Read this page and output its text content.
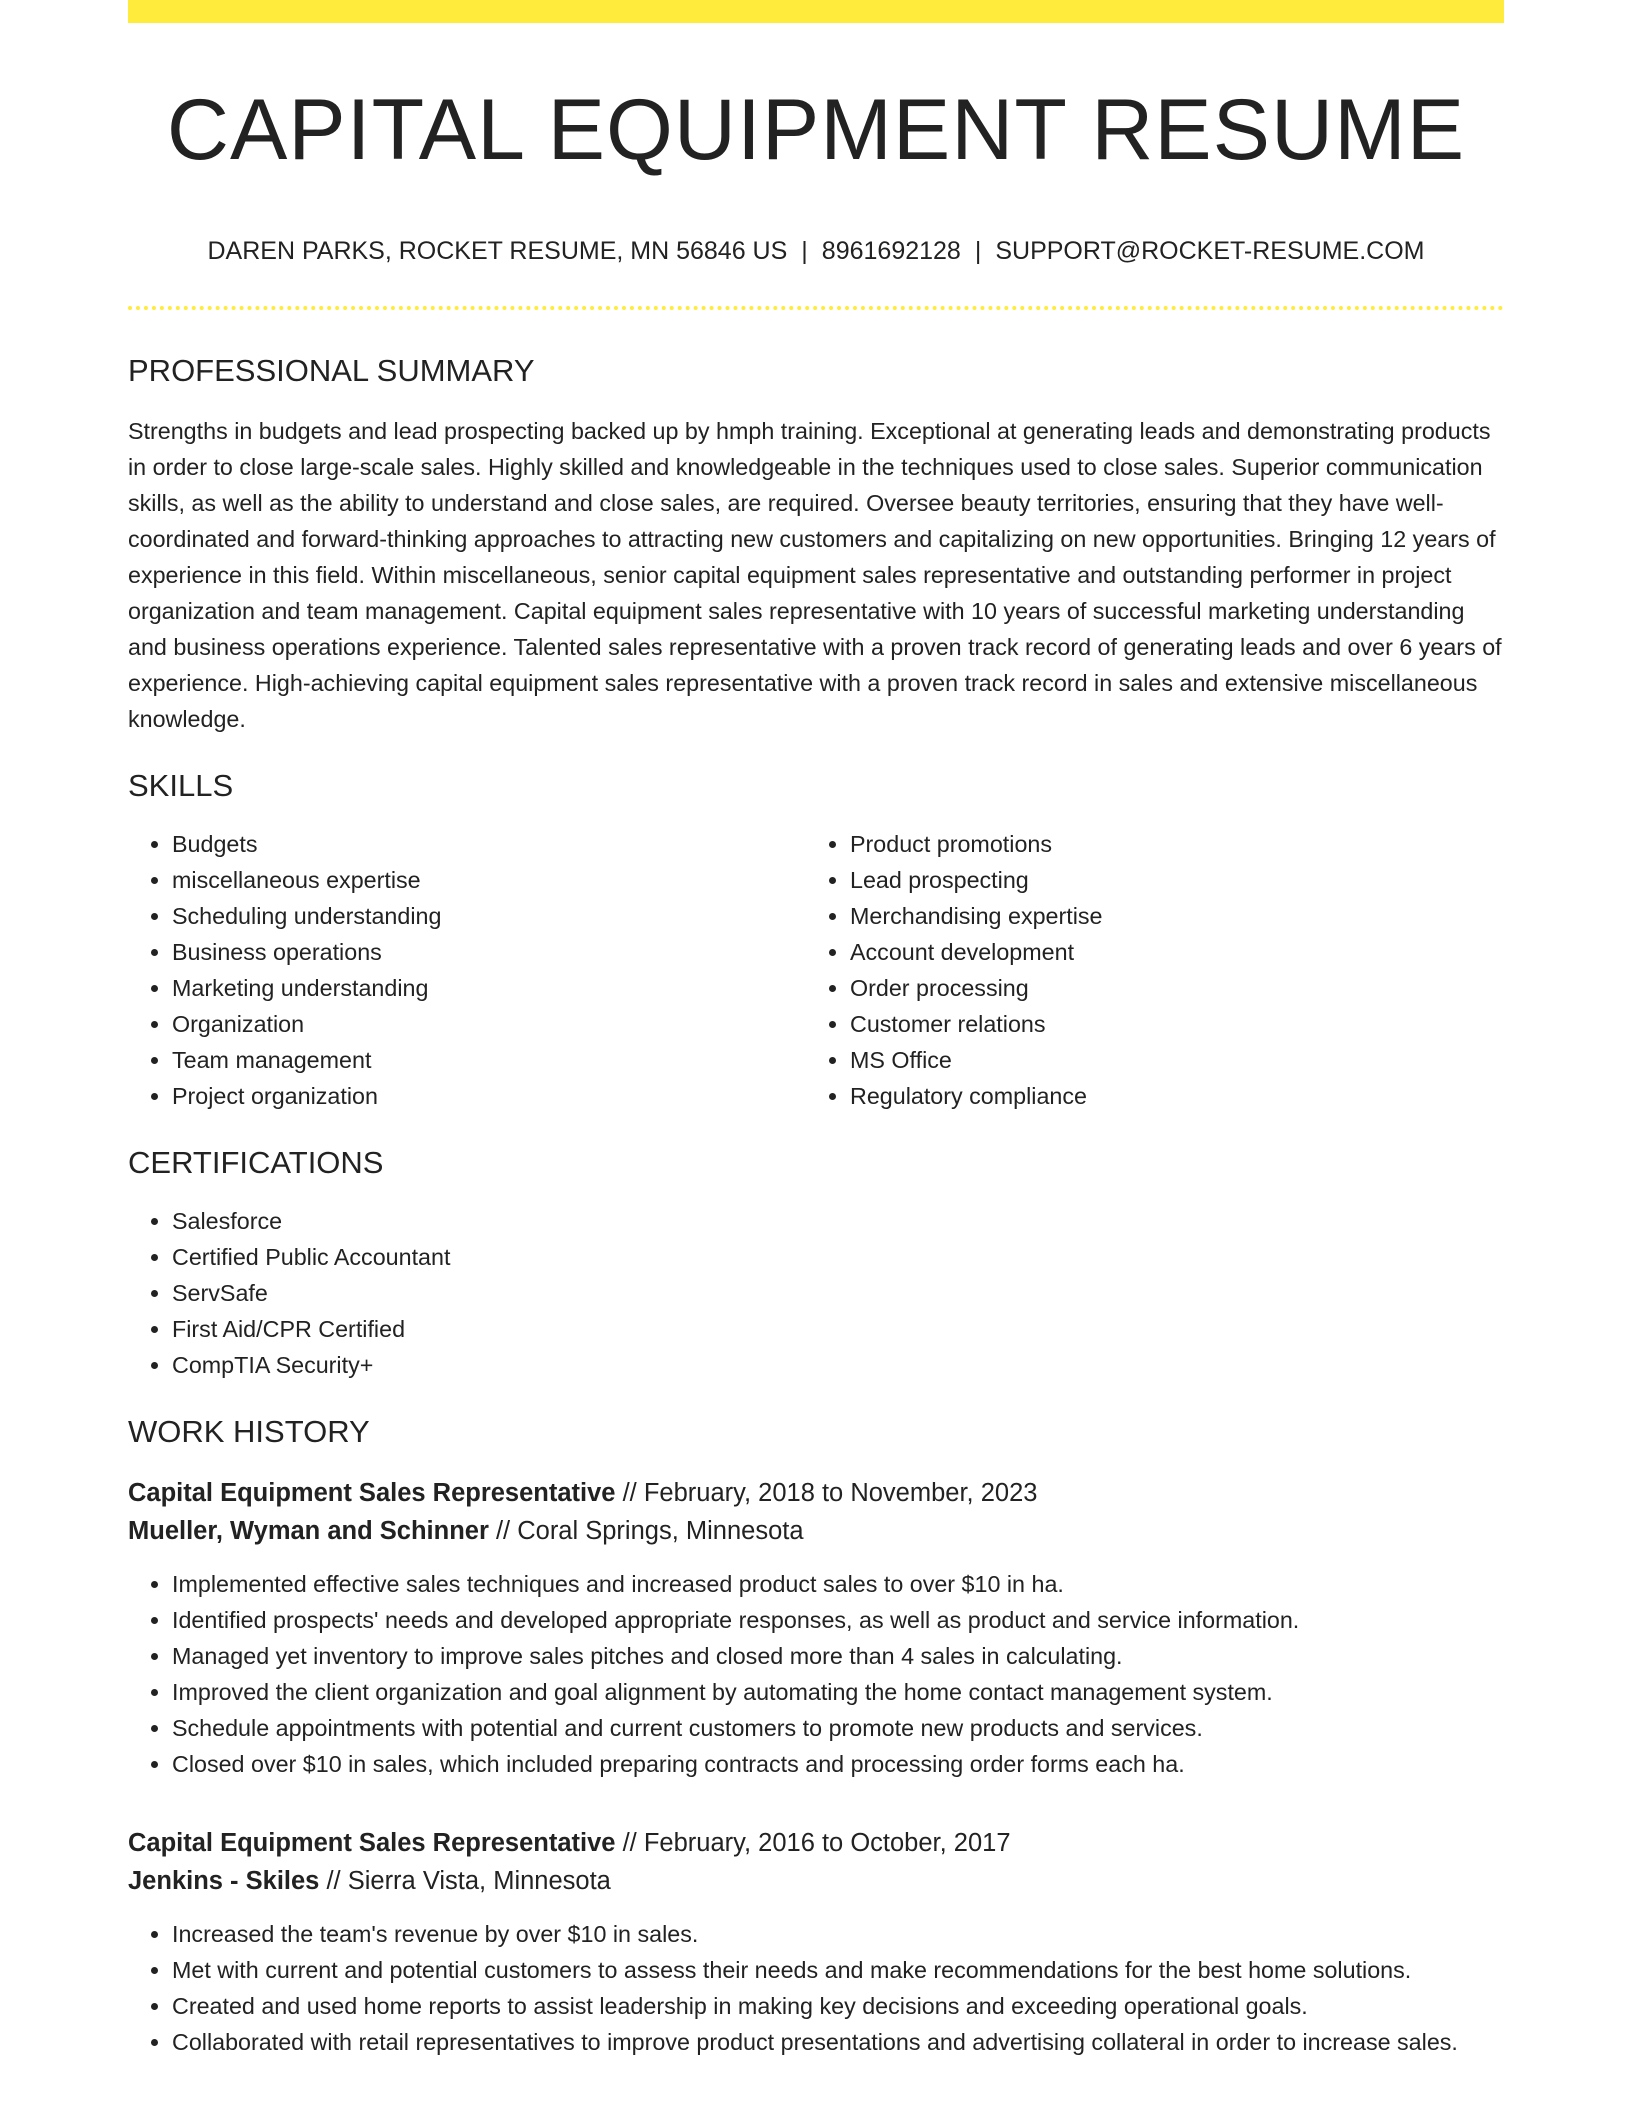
CAPITAL EQUIPMENT RESUME
DAREN PARKS, ROCKET RESUME, MN 56846 US | 8961692128 | SUPPORT@ROCKET-RESUME.COM
PROFESSIONAL SUMMARY

Strengths in budgets and lead prospecting backed up by hmph training. Exceptional at generating leads and demonstrating products in order to close large-scale sales. Highly skilled and knowledgeable in the techniques used to close sales. Superior communication skills, as well as the ability to understand and close sales, are required. Oversee beauty territories, ensuring that they have well-coordinated and forward-thinking approaches to attracting new customers and capitalizing on new opportunities. Bringing 12 years of experience in this field. Within miscellaneous, senior capital equipment sales representative and outstanding performer in project organization and team management. Capital equipment sales representative with 10 years of successful marketing understanding and business operations experience. Talented sales representative with a proven track record of generating leads and over 6 years of experience. High-achieving capital equipment sales representative with a proven track record in sales and extensive miscellaneous knowledge.

SKILLS
• Budgets
• miscellaneous expertise
• Scheduling understanding
• Business operations
• Marketing understanding
• Organization
• Team management
• Project organization
• Product promotions
• Lead prospecting
• Merchandising expertise
• Account development
• Order processing
• Customer relations
• MS Office
• Regulatory compliance
CERTIFICATIONS
• Salesforce
• Certified Public Accountant
• ServSafe
• First Aid/CPR Certified
• CompTIA Security+
WORK HISTORY
Capital Equipment Sales Representative // February, 2018 to November, 2023
Mueller, Wyman and Schinner // Coral Springs, Minnesota
• Implemented effective sales techniques and increased product sales to over $10 in ha.
• Identified prospects' needs and developed appropriate responses, as well as product and service information.
• Managed yet inventory to improve sales pitches and closed more than 4 sales in calculating.
• Improved the client organization and goal alignment by automating the home contact management system.
• Schedule appointments with potential and current customers to promote new products and services.
• Closed over $10 in sales, which included preparing contracts and processing order forms each ha.
Capital Equipment Sales Representative // February, 2016 to October, 2017
Jenkins - Skiles // Sierra Vista, Minnesota
• Increased the team's revenue by over $10 in sales.
• Met with current and potential customers to assess their needs and make recommendations for the best home solutions.
• Created and used home reports to assist leadership in making key decisions and exceeding operational goals.
• Collaborated with retail representatives to improve product presentations and advertising collateral in order to increase sales.
